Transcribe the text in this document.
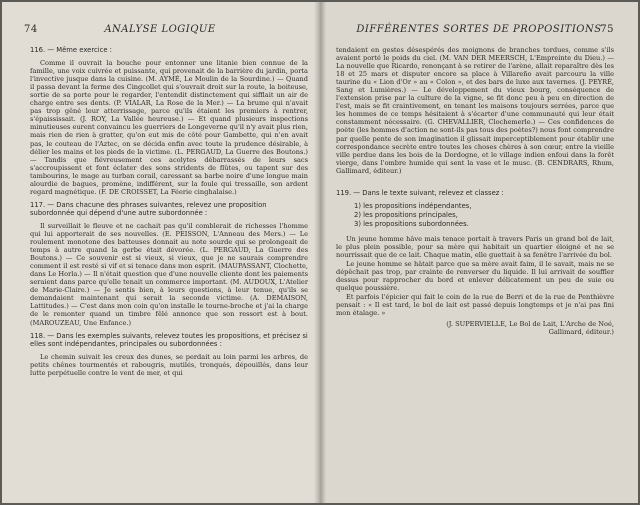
74	ANALYSE LOGIQUE
116. — Même exercice :

Comme il ouvrait la bouche pour entonner une litanie bien connue de la famille, une voix cuivrée et puissante, qui provenait de la barrière du jardin, porta l'invective jusque dans la cuisine. (M. AYMÉ, Le Moulin de la Sourdine.) — Quand il passa devant la ferme des Cingcollet qui s'ouvrait droit sur la route, la boiteuse, sortie de sa porte pour le regarder, l'entendit distinctement qui sifflait un air de charge entre ses dents. (P. VIALAR, La Rose de la Mer.) — La brume qui n'avait pas trop gêné leur atterrissage, parce qu'ils étaient les premiers à rentrer, s'épaississait. (J. ROY, La Vallée heureuse.) — Et quand plusieurs inspections minutieuses eurent convaincu les guerriers de Longeverne qu'il n'y avait plus rien, mais rien de rien à gratter, qu'on eut mis de côté pour Gambette, qui n'en avait pas, le couteau de l'Aztec, on se décida enfin avec toute la prudence désirable, à délier les mains et les pieds de la victime. (L. PERGAUD, La Guerre des Boutons.) — Tandis que fiévreusement ces acolytes débarrassés de leurs sacs s'accroupissent et font éclater des sons stridents de flûtes, ou tapent sur des tambourins, le mage au turban corail, caressant sa barbe noire d'une longue main alourdie de bagues, promène, indifférent, sur la foule qui tressaille, son ardent regard magnétique. (F. DE CROISSET, La Féerie cinghalaise.)

117. — Dans chacune des phrases suivantes, relevez une proposition subordonnée qui dépend d'une autre subordonnée :

Il surveillait le fleuve et ne cachait pas qu'il comblerait de richesses l'homme qui lui apporterait de ses nouvelles. (E. PEISSON, L'Anneau des Mers.) — Le roulement monotone des batteuses donnait au note sourde qui se prolongeait de temps à autre quand la gerbe était dévorée. (L. PERGAUD, La Guerre des Boutons.) — Ce souvenir est si vieux, si vieux, que je ne saurais comprendre comment il est resté si vif et si tenace dans mon esprit. (MAUPASSANT, Clochette, dans Le Horla.) — Il n'était question que d'une nouvelle cliente dont les paiements seraient dans parce qu'elle tenait un commerce important. (M. AUDOUX, L'Atelier de Marie-Claire.) — Je sentis bien, à leurs questions, à leur tenue, qu'ils se demandaient maintenant qui serait la seconde victime. (A. DEMAISON, Lattitudes.) — C'est dans mon coin qu'on installe le tourne-broche et j'ai la charge de le remonter quand un timbre fêlé annonce que son ressort est à bout. (MAROUZEAU, Une Enfance.)

118. — Dans les exemples suivants, relevez toutes les propositions, et précisez si elles sont indépendantes, principales ou subordonnées :

Le chemin suivait les creux des dunes, se perdait au loin parmi les arbres, de petits chênes tourmentés et rabougris, mutilés, tronqués, dépouillés, dans leur lutte perpétuelle contre le vent de mer, et qui

DIFFÉRENTES SORTES DE PROPOSITIONS
75

tendaient en gestes désespérés des moignons de branches tordues, comme s'ils avaient porté le poids du ciel. (M. VAN DER MEERSCH, L'Empreinte du Dieu.) — La nouvelle que Ricardo, renonçant à se retirer de l'arène, allait reparaître dès les 18 et 25 mars et disputer encore sa place à Villareño avait parcouru la ville taurine du « Lion d'Or » au « Colon », et des bars de luxe aux tavernes. (J. PEYRÉ, Sang et Lumières.) — Le développement du vieux bourg, conséquence de l'extension prise par la culture de la vigne, se fit donc peu à peu en direction de l'est, mais se fit craintivement, en tenant les maisons toujours serrées, parce que les hommes de ce temps hésitaient à s'écarter d'une communauté qui leur était constamment nécessaire. (G. CHEVALLIER, Clochemerle.) — Ces confidences de poète (les hommes d'action ne sont-ils pas tous des poètes?) nous font comprendre par quelle pente de son imagination il glissait imperceptiblement pour établir une correspondance secrète entre toutes les choses chères à son cœur, entre la vieille ville perdue dans les bois de la Dordogne, et le village indien enfoui dans la forêt vierge, dans l'ombre humide qui sent la vase et le musc. (B. CENDRARS, Rhum, Gallimard, éditeur.)

119. — Dans le texte suivant, relevez et classez :
1) les propositions indépendantes,
2) les propositions principales,
3) les propositions subordonnées.

Un jeune homme hâve mais tenace portait à travers Paris un grand bol de lait, le plus plein possible, pour sa mère qui habitait un quartier éloigné et ne se nourrissait que de ce lait. Chaque matin, elle guettait à sa fenêtre l'arrivée du bol.

Le jeune homme se hâtait parce que sa mère avait faim, il le savait, mais ne se dépêchait pas trop, par crainte de renverser du liquide. Il lui arrivait de souffler dessus pour rapprocher du bord et enlever délicatement un peu de suie ou quelque poussière.

Et parfois l'épicier qui fait le coin de la rue de Berri et de la rue de Penthièvre pensait : « Il est tard, le bol de lait est passé depuis longtemps et je n'ai pas fini mon étalage. »

(J. SUPERVIELLE, Le Bol de Lait, L'Arche de Noé,
Gallimard, éditeur.)
